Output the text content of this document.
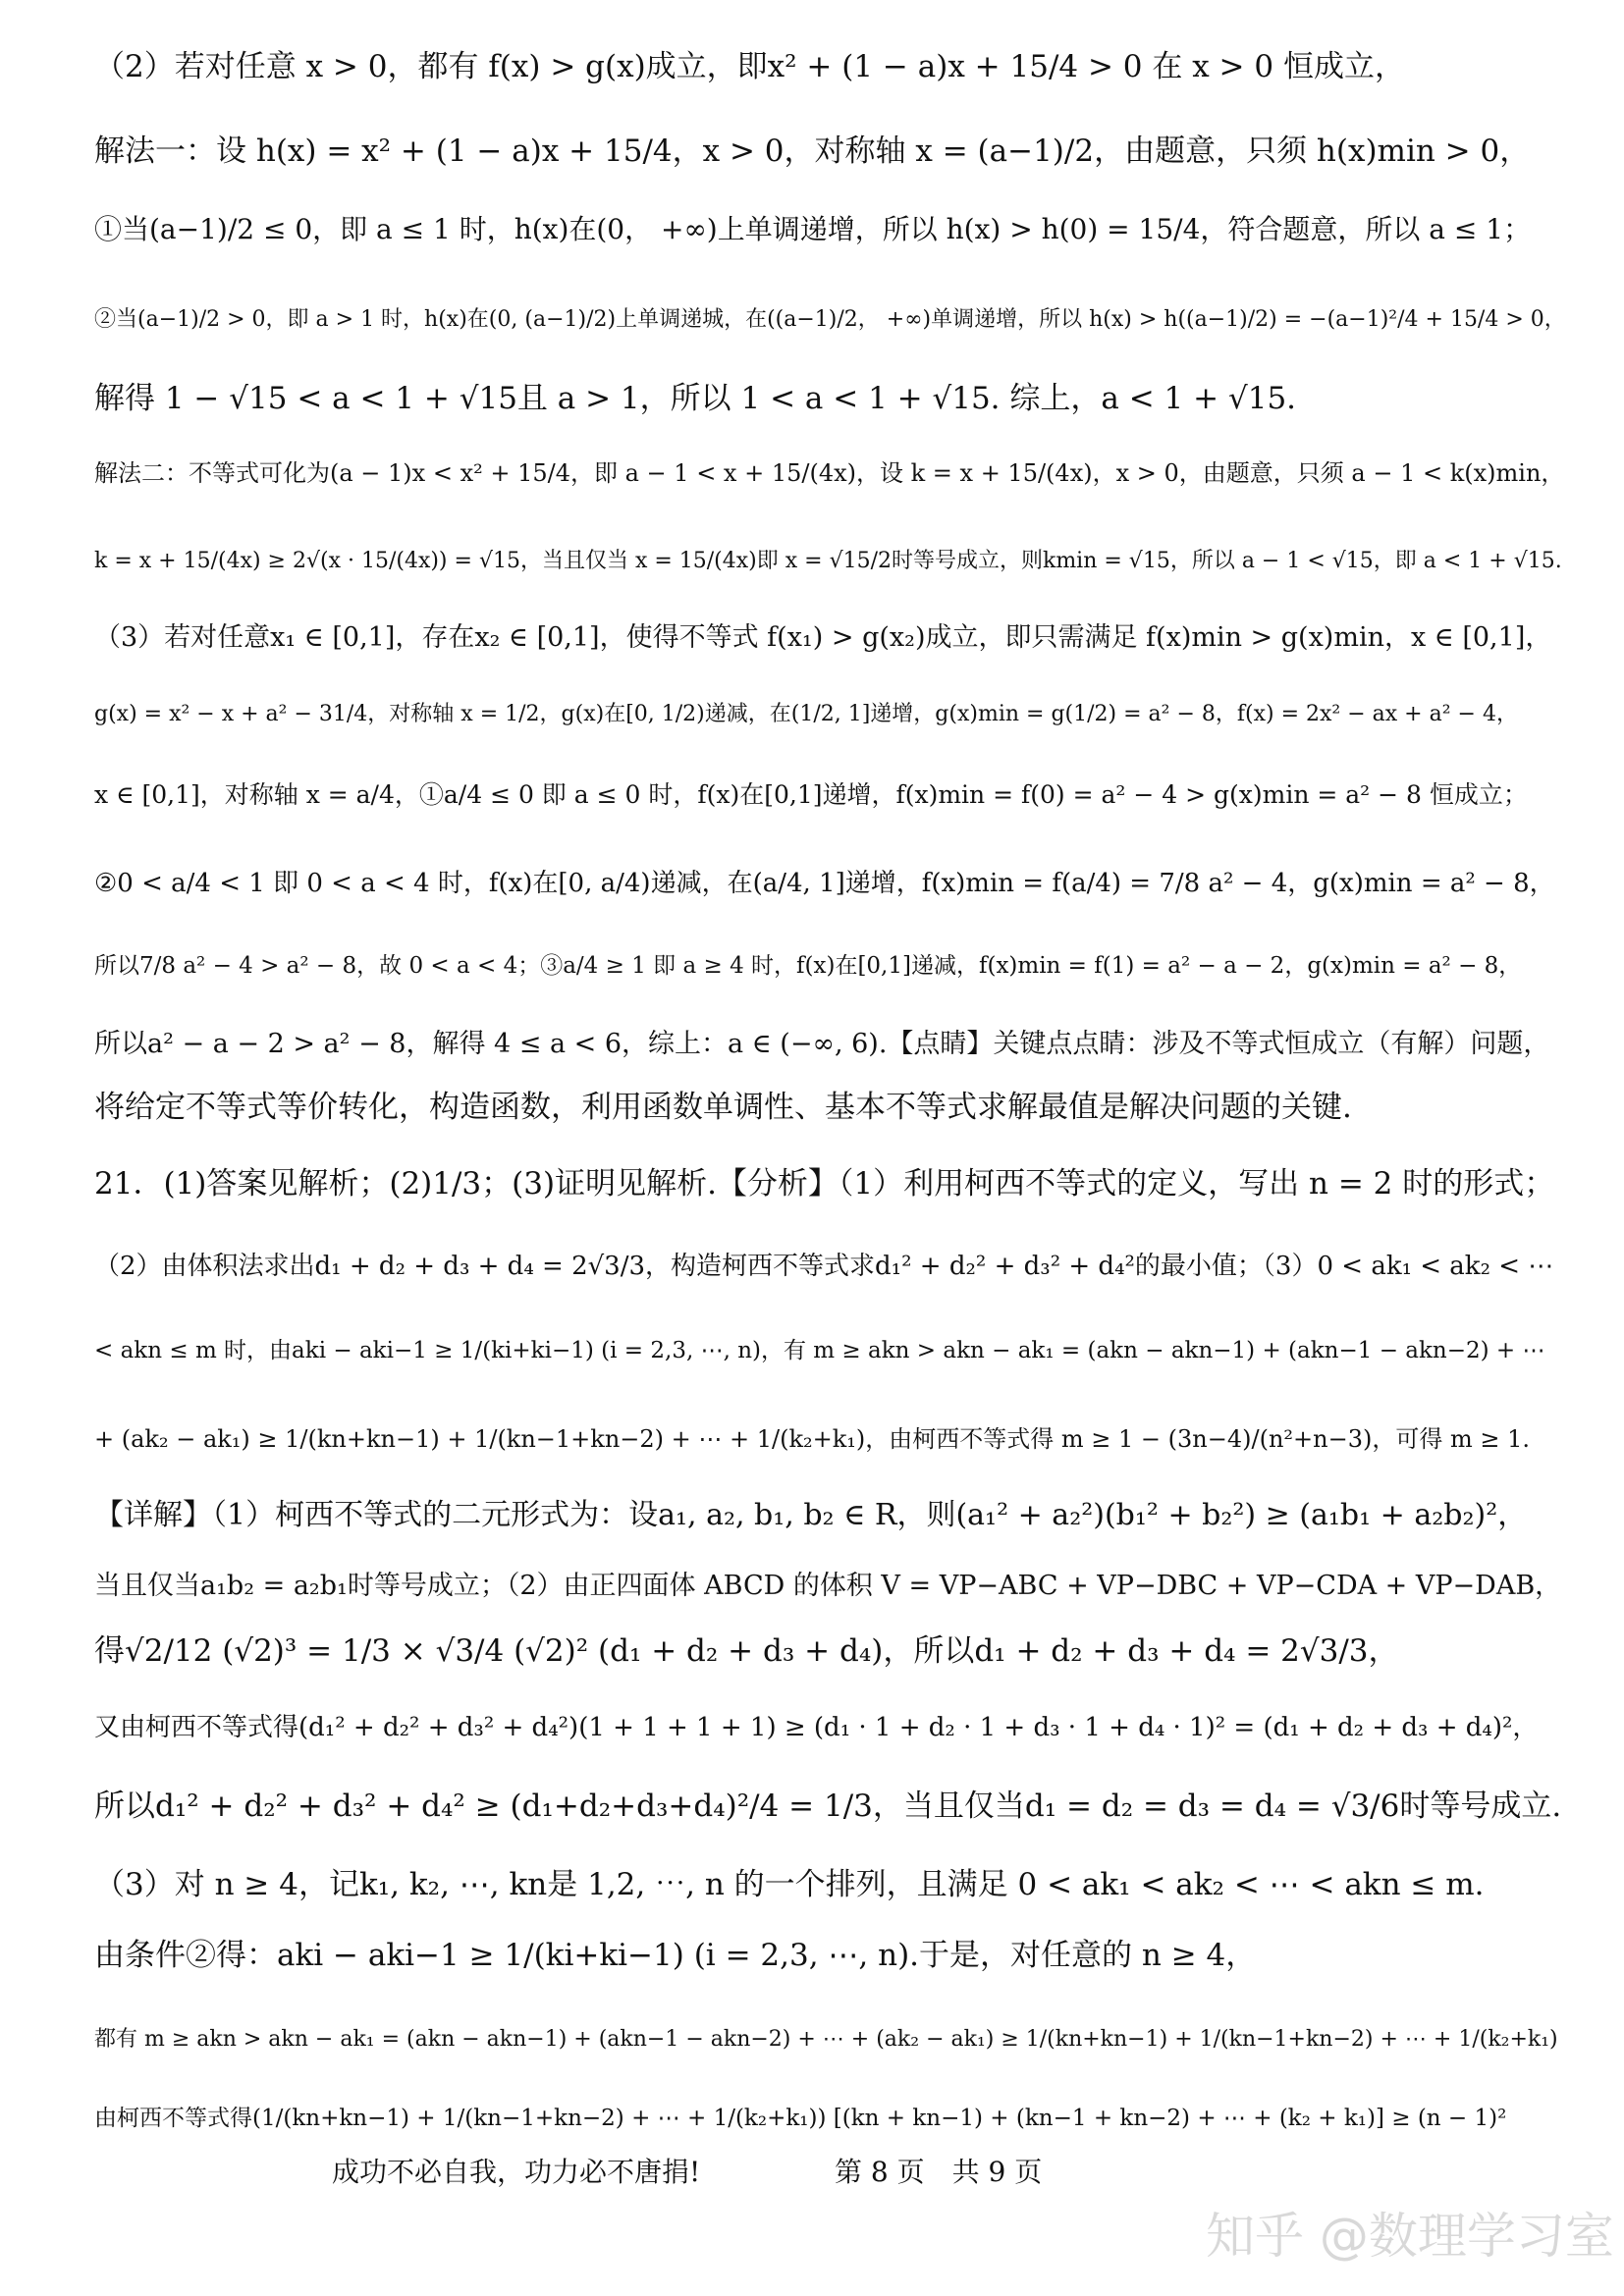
（2）若对任意 x > 0，都有 f(x) > g(x)成立，即x² + (1 − a)x + 15/4 > 0 在 x > 0 恒成立，
解法一：设 h(x) = x² + (1 − a)x + 15/4，x > 0，对称轴 x = (a−1)/2，由题意，只须 h(x)min > 0，
①当(a−1)/2 ≤ 0，即 a ≤ 1 时，h(x)在(0， +∞)上单调递增，所以 h(x) > h(0) = 15/4，符合题意，所以 a ≤ 1；
②当(a−1)/2 > 0，即 a > 1 时，h(x)在(0, (a−1)/2)上单调递城，在((a−1)/2， +∞)单调递增，所以 h(x) > h((a−1)/2) = −(a−1)²/4 + 15/4 > 0，
解得 1 − √15 < a < 1 + √15且 a > 1，所以 1 < a < 1 + √15. 综上，a < 1 + √15.
解法二：不等式可化为(a − 1)x < x² + 15/4，即 a − 1 < x + 15/(4x)，设 k = x + 15/(4x)，x > 0，由题意，只须 a − 1 < k(x)min，
k = x + 15/(4x) ≥ 2√(x · 15/(4x)) = √15，当且仅当 x = 15/(4x)即 x = √15/2时等号成立，则kmin = √15，所以 a − 1 < √15，即 a < 1 + √15.
（3）若对任意x₁ ∈ [0,1]，存在x₂ ∈ [0,1]，使得不等式 f(x₁) > g(x₂)成立，即只需满足 f(x)min > g(x)min，x ∈ [0,1]，
g(x) = x² − x + a² − 31/4，对称轴 x = 1/2，g(x)在[0, 1/2)递减，在(1/2, 1]递增，g(x)min = g(1/2) = a² − 8，f(x) = 2x² − ax + a² − 4，
x ∈ [0,1]，对称轴 x = a/4，①a/4 ≤ 0 即 a ≤ 0 时，f(x)在[0,1]递增，f(x)min = f(0) = a² − 4 > g(x)min = a² − 8 恒成立；
②0 < a/4 < 1 即 0 < a < 4 时，f(x)在[0, a/4)递减，在(a/4, 1]递增，f(x)min = f(a/4) = 7/8 a² − 4，g(x)min = a² − 8，
所以7/8 a² − 4 > a² − 8，故 0 < a < 4；③a/4 ≥ 1 即 a ≥ 4 时，f(x)在[0,1]递减，f(x)min = f(1) = a² − a − 2，g(x)min = a² − 8，
所以a² − a − 2 > a² − 8，解得 4 ≤ a < 6，综上：a ∈ (−∞, 6).【点睛】关键点点睛：涉及不等式恒成立（有解）问题，
将给定不等式等价转化，构造函数，利用函数单调性、基本不等式求解最值是解决问题的关键.
21．(1)答案见解析；(2)1/3；(3)证明见解析.【分析】（1）利用柯西不等式的定义，写出 n = 2 时的形式；
（2）由体积法求出d₁ + d₂ + d₃ + d₄ = 2√3/3，构造柯西不等式求d₁² + d₂² + d₃² + d₄²的最小值；（3）0 < ak₁ < ak₂ < ⋯
< akn ≤ m 时，由aki − aki−1 ≥ 1/(ki+ki−1) (i = 2,3, ⋯, n)，有 m ≥ akn > akn − ak₁ = (akn − akn−1) + (akn−1 − akn−2) + ⋯
+ (ak₂ − ak₁) ≥ 1/(kn+kn−1) + 1/(kn−1+kn−2) + ⋯ + 1/(k₂+k₁)，由柯西不等式得 m ≥ 1 − (3n−4)/(n²+n−3)，可得 m ≥ 1.
【详解】（1）柯西不等式的二元形式为：设a₁, a₂, b₁, b₂ ∈ R，则(a₁² + a₂²)(b₁² + b₂²) ≥ (a₁b₁ + a₂b₂)²，
当且仅当a₁b₂ = a₂b₁时等号成立；（2）由正四面体 ABCD 的体积 V = VP−ABC + VP−DBC + VP−CDA + VP−DAB，
得√2/12 (√2)³ = 1/3 × √3/4 (√2)² (d₁ + d₂ + d₃ + d₄)，所以d₁ + d₂ + d₃ + d₄ = 2√3/3，
又由柯西不等式得(d₁² + d₂² + d₃² + d₄²)(1 + 1 + 1 + 1) ≥ (d₁ · 1 + d₂ · 1 + d₃ · 1 + d₄ · 1)² = (d₁ + d₂ + d₃ + d₄)²，
所以d₁² + d₂² + d₃² + d₄² ≥ (d₁+d₂+d₃+d₄)²/4 = 1/3，当且仅当d₁ = d₂ = d₃ = d₄ = √3/6时等号成立.
（3）对 n ≥ 4，记k₁, k₂, ⋯, kn是 1,2, ⋯, n 的一个排列，且满足 0 < ak₁ < ak₂ < ⋯ < akn ≤ m.
由条件②得：aki − aki−1 ≥ 1/(ki+ki−1) (i = 2,3, ⋯, n).于是，对任意的 n ≥ 4，
都有 m ≥ akn > akn − ak₁ = (akn − akn−1) + (akn−1 − akn−2) + ⋯ + (ak₂ − ak₁) ≥ 1/(kn+kn−1) + 1/(kn−1+kn−2) + ⋯ + 1/(k₂+k₁)
由柯西不等式得(1/(kn+kn−1) + 1/(kn−1+kn−2) + ⋯ + 1/(k₂+k₁)) [(kn + kn−1) + (kn−1 + kn−2) + ⋯ + (k₂ + k₁)] ≥ (n − 1)²
成功不必自我，功力必不唐捐!	第 8 页　共 9 页
知乎 @数理学习室
